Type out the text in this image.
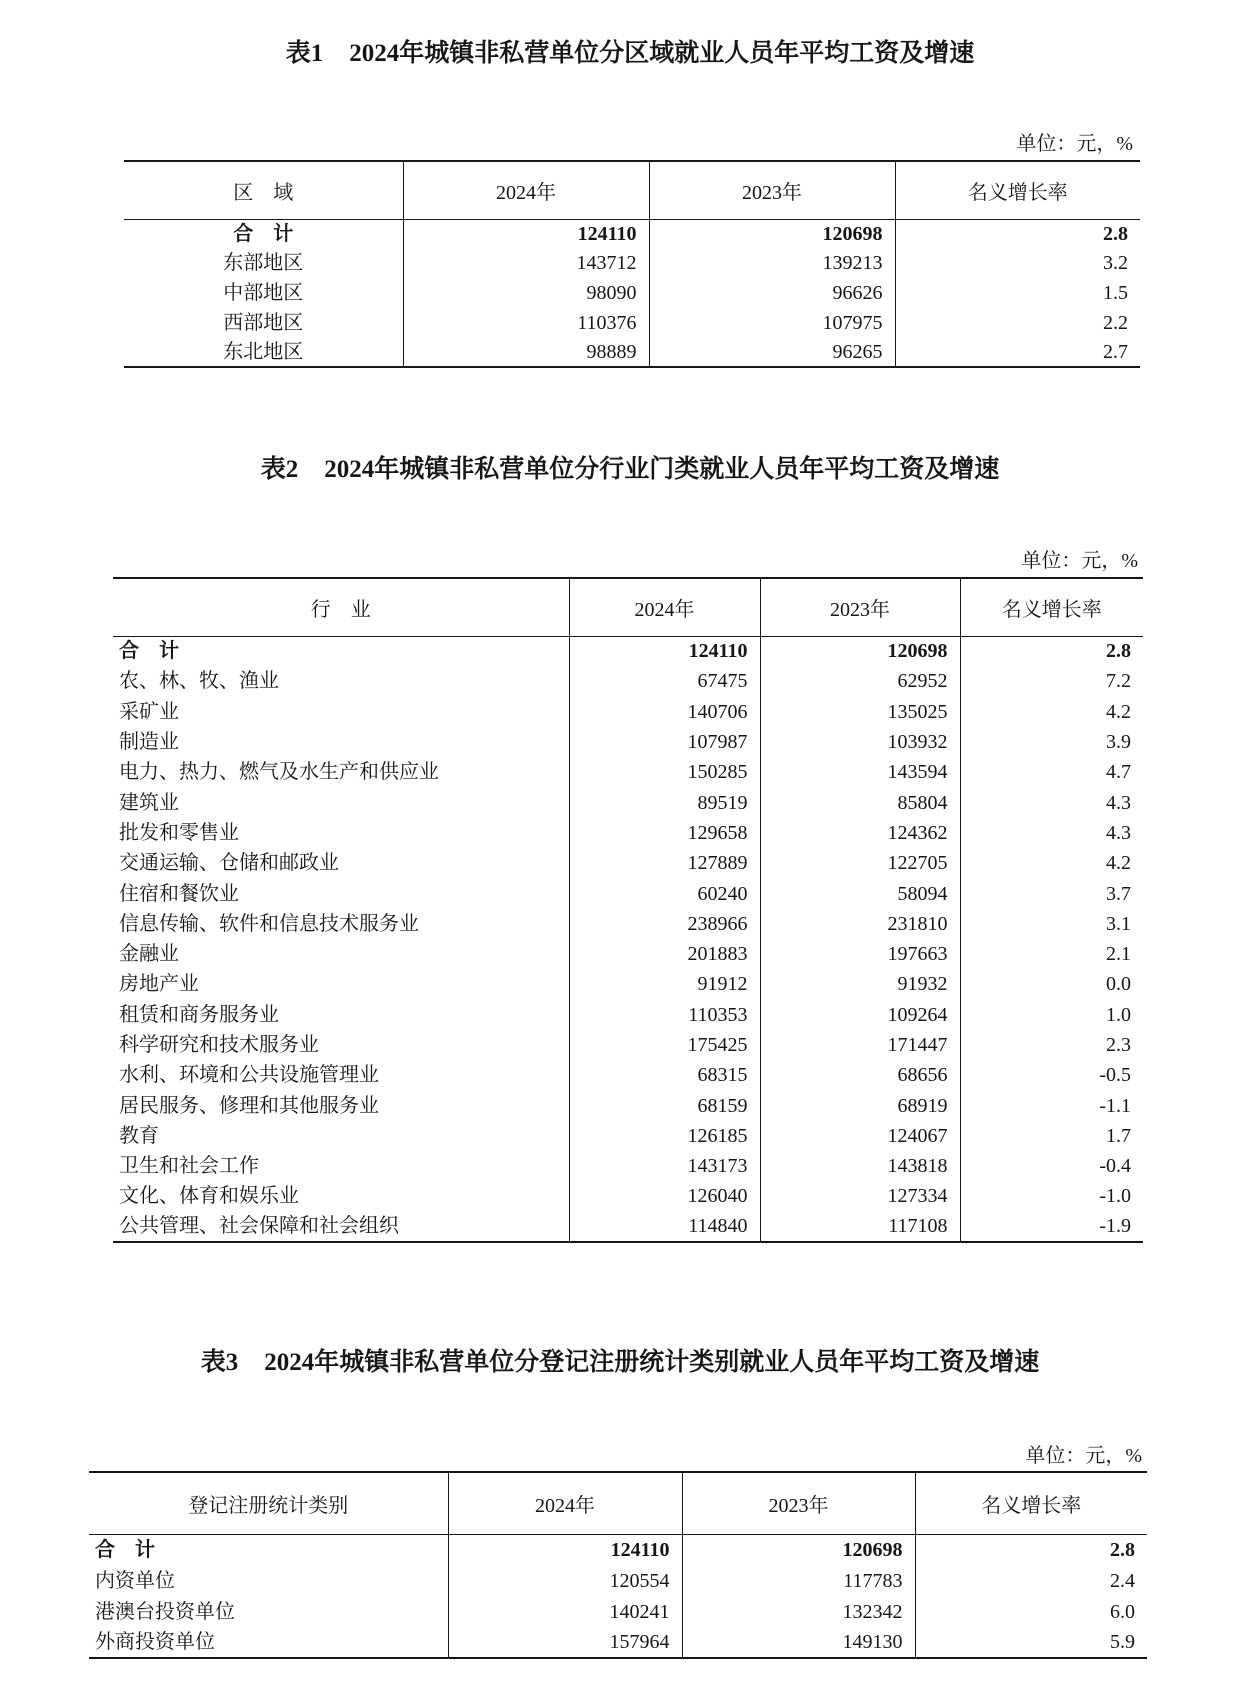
表1 2024年城镇非私营单位分区域就业人员年平均工资及增速
单位：元，%
区　域	2024年	2023年	名义增长率
合　计	124110	120698	2.8
东部地区	143712	139213	3.2
中部地区	98090	96626	1.5
西部地区	110376	107975	2.2
东北地区	98889	96265	2.7
表2 2024年城镇非私营单位分行业门类就业人员年平均工资及增速
单位：元，%
行　业	2024年	2023年	名义增长率
合　计	124110	120698	2.8
农、林、牧、渔业	67475	62952	7.2
采矿业	140706	135025	4.2
制造业	107987	103932	3.9
电力、热力、燃气及水生产和供应业	150285	143594	4.7
建筑业	89519	85804	4.3
批发和零售业	129658	124362	4.3
交通运输、仓储和邮政业	127889	122705	4.2
住宿和餐饮业	60240	58094	3.7
信息传输、软件和信息技术服务业	238966	231810	3.1
金融业	201883	197663	2.1
房地产业	91912	91932	0.0
租赁和商务服务业	110353	109264	1.0
科学研究和技术服务业	175425	171447	2.3
水利、环境和公共设施管理业	68315	68656	-0.5
居民服务、修理和其他服务业	68159	68919	-1.1
教育	126185	124067	1.7
卫生和社会工作	143173	143818	-0.4
文化、体育和娱乐业	126040	127334	-1.0
公共管理、社会保障和社会组织	114840	117108	-1.9
表3 2024年城镇非私营单位分登记注册统计类别就业人员年平均工资及增速
单位：元，%
登记注册统计类别	2024年	2023年	名义增长率
合　计	124110	120698	2.8
内资单位	120554	117783	2.4
港澳台投资单位	140241	132342	6.0
外商投资单位	157964	149130	5.9
